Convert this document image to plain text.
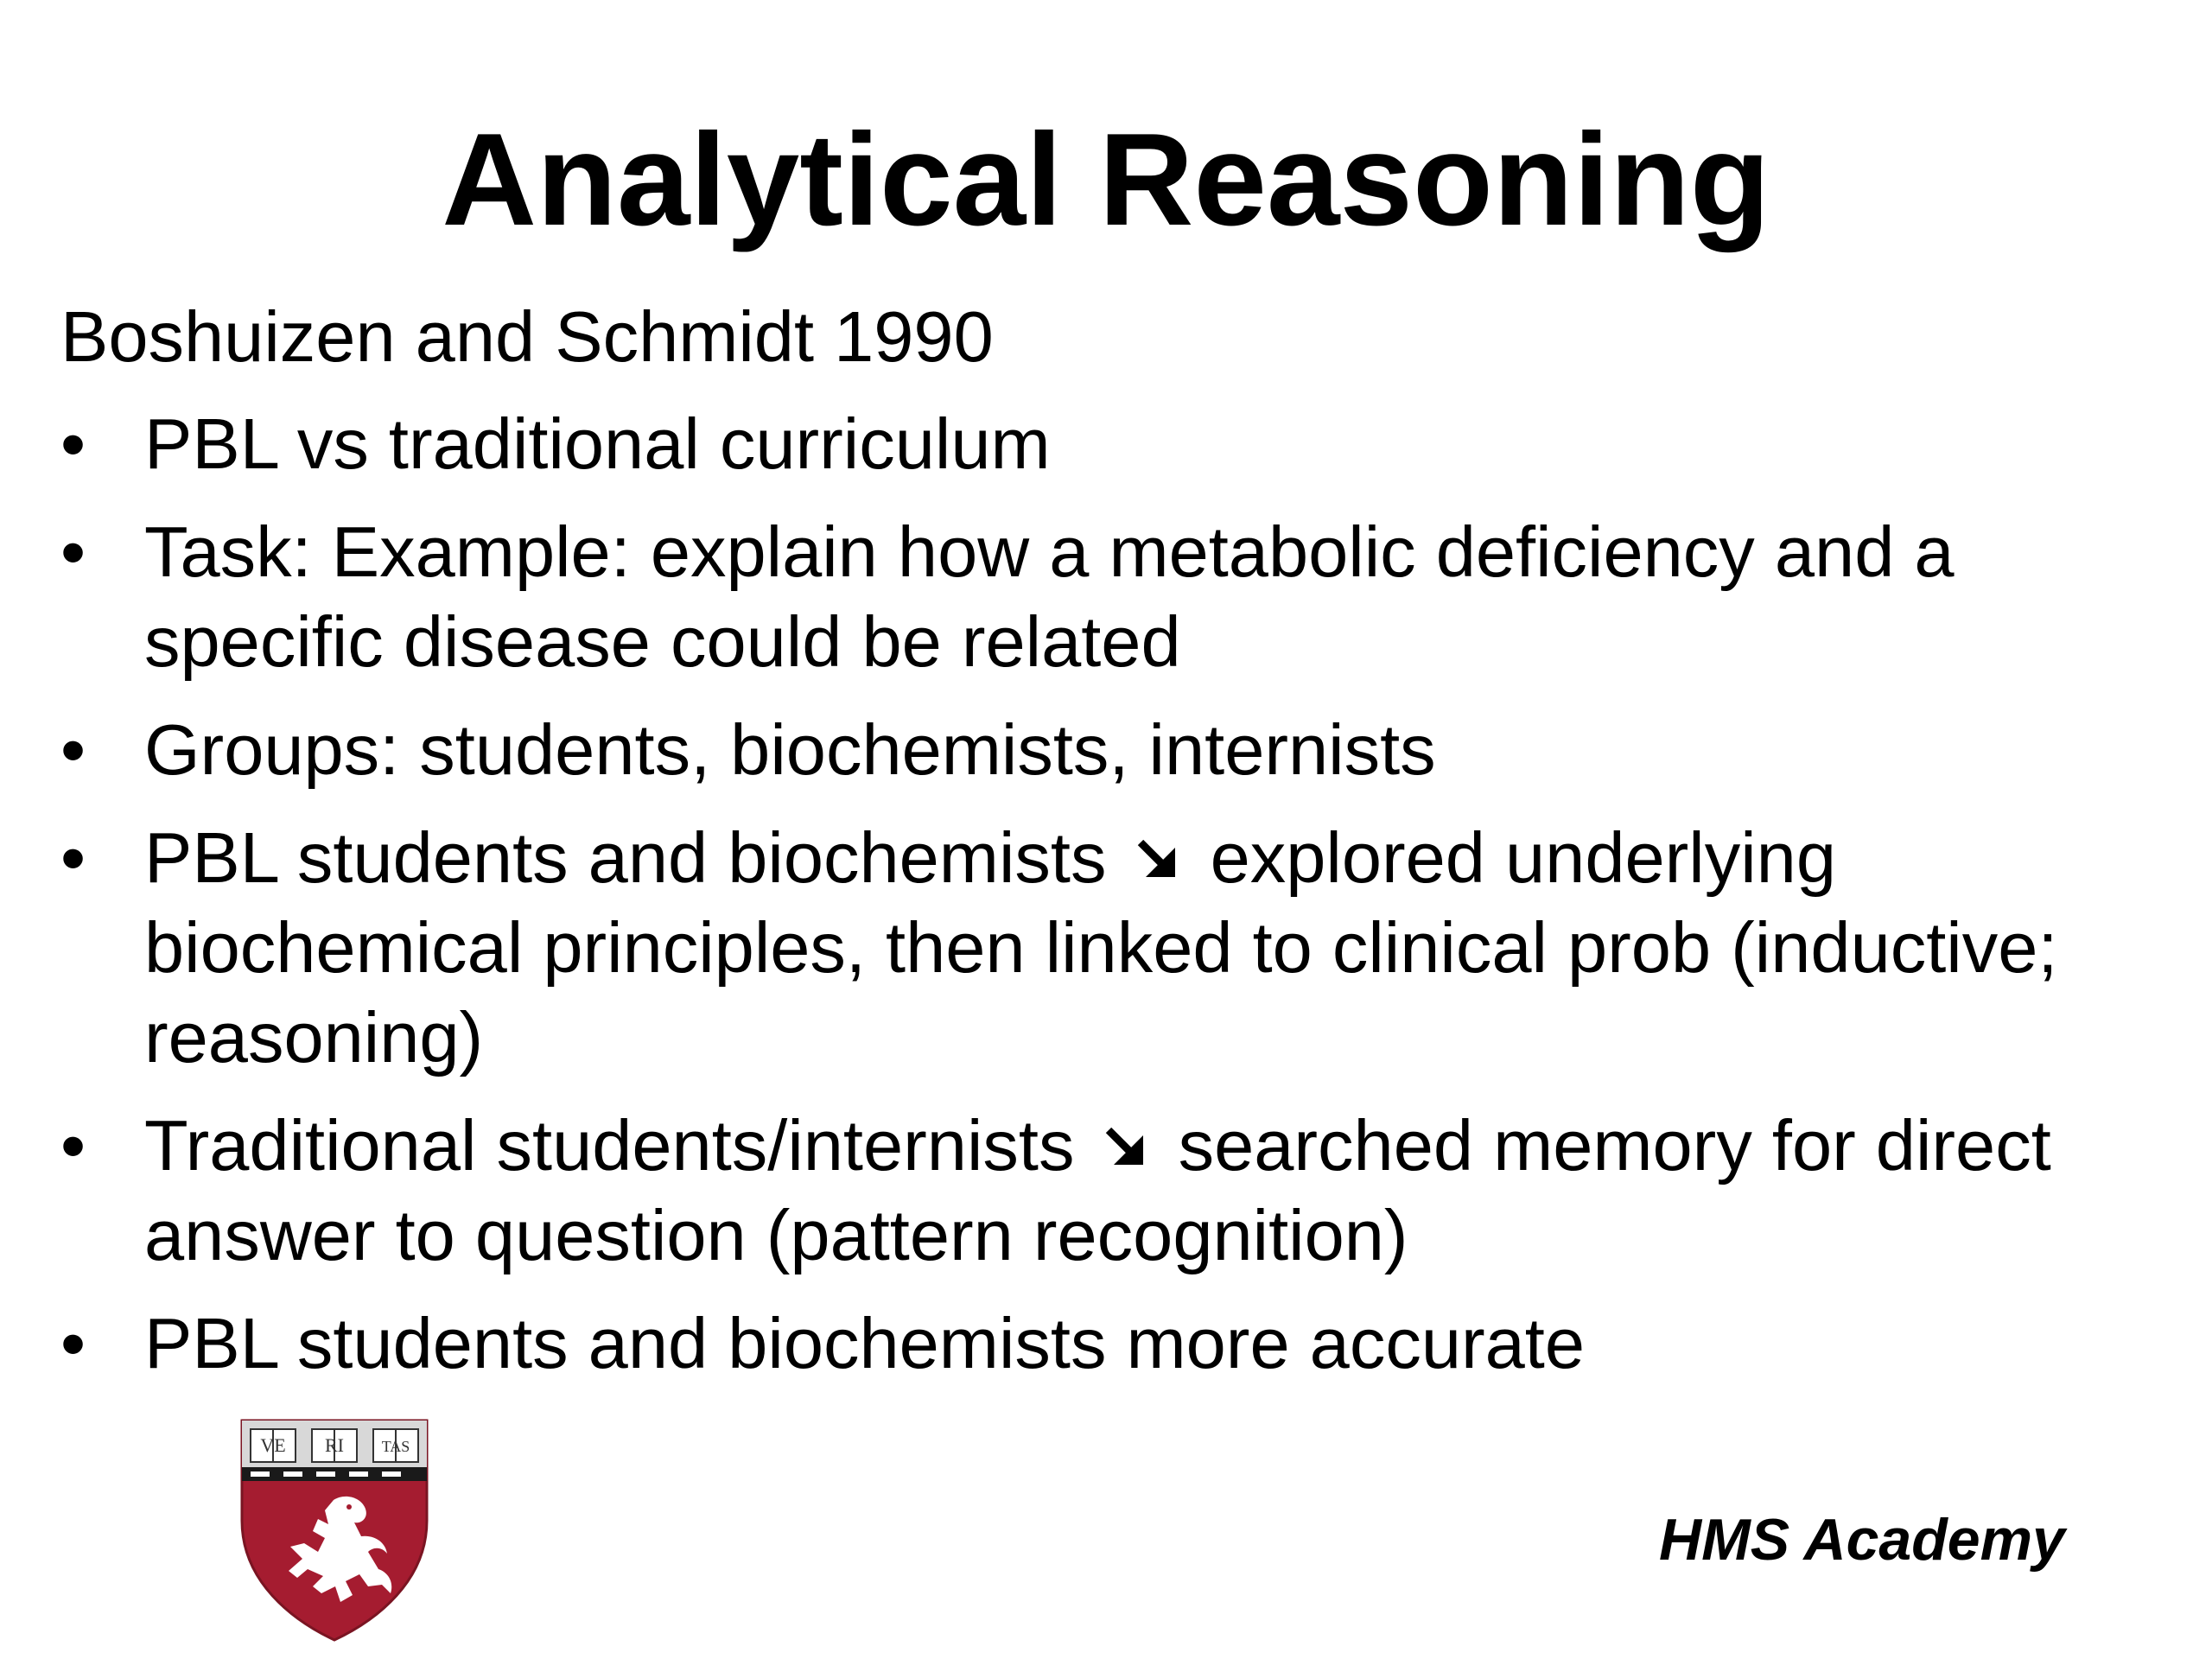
Analytical Reasoning
Boshuizen and Schmidt 1990
• PBL vs traditional curriculum
• Task: Example: explain how a metabolic deficiency and a specific disease could be related
• Groups: students, biochemists, internists
• PBL students and biochemists explored underlying biochemical principles, then linked to clinical prob (inductive; reasoning)
• Traditional students/internists searched memory for direct answer to question (pattern recognition)
• PBL students and biochemists more accurate
VE RI TAS
HMS Academy
